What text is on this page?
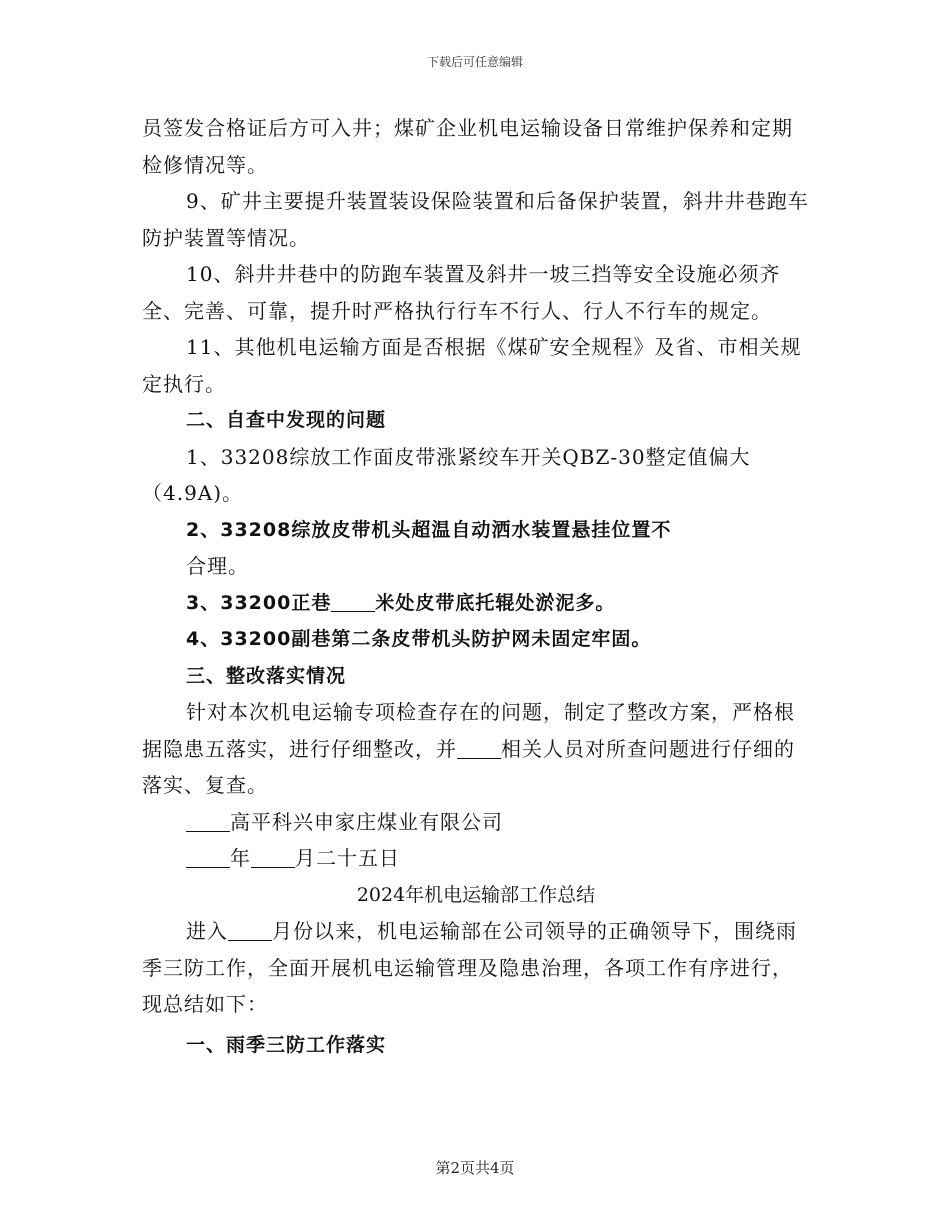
下载后可任意编辑

员签发合格证后方可入井；煤矿企业机电运输设备日常维护保养和定期检修情况等。

9、矿井主要提升装置装设保险装置和后备保护装置，斜井井巷跑车防护装置等情况。

10、斜井井巷中的防跑车装置及斜井一坡三挡等安全设施必须齐全、完善、可靠，提升时严格执行行车不行人、行人不行车的规定。

11、其他机电运输方面是否根据《煤矿安全规程》及省、市相关规定执行。

二、自查中发现的问题

1、33208综放工作面皮带涨紧绞车开关QBZ-30整定值偏大（4.9A)。

2、33208综放皮带机头超温自动洒水装置悬挂位置不

合理。

3、33200正巷 米处皮带底托辊处淤泥多。

4、33200副巷第二条皮带机头防护网未固定牢固。

三、整改落实情况

针对本次机电运输专项检查存在的问题，制定了整改方案，严格根据隐患五落实，进行仔细整改，并 相关人员对所查问题进行仔细的落实、复查。

高平科兴申家庄煤业有限公司

年 月二十五日

2024年机电运输部工作总结

进入 月份以来，机电运输部在公司领导的正确领导下，围绕雨季三防工作，全面开展机电运输管理及隐患治理，各项工作有序进行，现总结如下：

一、雨季三防工作落实

第2页共4页
